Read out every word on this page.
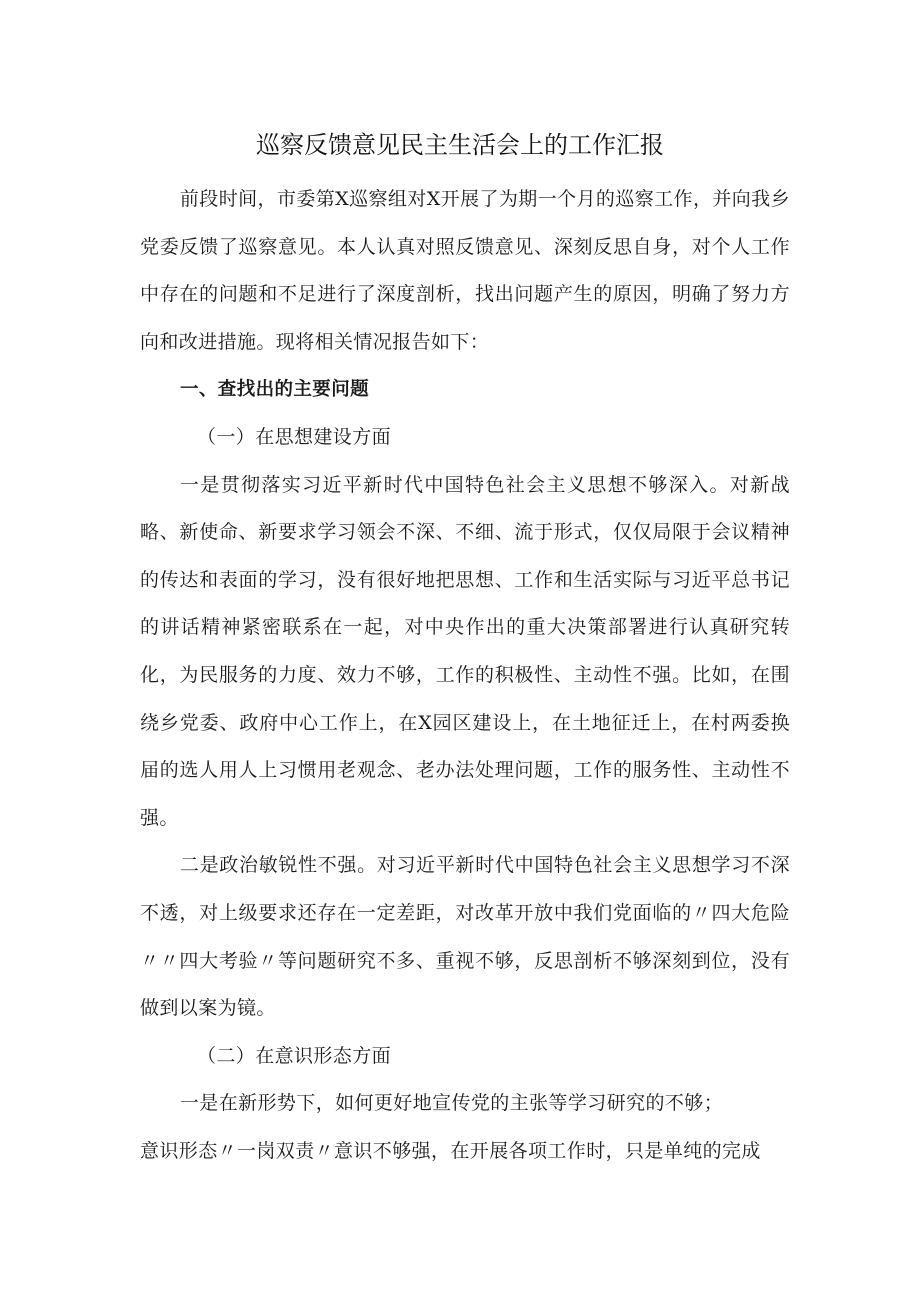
巡察反馈意见民主生活会上的工作汇报

前段时间，市委第X巡察组对X开展了为期一个月的巡察工作，并向我乡党委反馈了巡察意见。本人认真对照反馈意见、深刻反思自身，对个人工作中存在的问题和不足进行了深度剖析，找出问题产生的原因，明确了努力方向和改进措施。现将相关情况报告如下：

一、查找出的主要问题

（一）在思想建设方面

一是贯彻落实习近平新时代中国特色社会主义思想不够深入。对新战略、新使命、新要求学习领会不深、不细、流于形式，仅仅局限于会议精神的传达和表面的学习，没有很好地把思想、工作和生活实际与习近平总书记的讲话精神紧密联系在一起，对中央作出的重大决策部署进行认真研究转化，为民服务的力度、效力不够，工作的积极性、主动性不强。比如，在围绕乡党委、政府中心工作上，在X园区建设上，在土地征迁上，在村两委换届的选人用人上习惯用老观念、老办法处理问题，工作的服务性、主动性不强。

二是政治敏锐性不强。对习近平新时代中国特色社会主义思想学习不深不透，对上级要求还存在一定差距，对改革开放中我们党面临的〃四大危险〃〃四大考验〃等问题研究不多、重视不够，反思剖析不够深刻到位，没有做到以案为镜。

（二）在意识形态方面

一是在新形势下，如何更好地宣传党的主张等学习研究的不够；

意识形态〃一岗双责〃意识不够强，在开展各项工作时，只是单纯的完成
